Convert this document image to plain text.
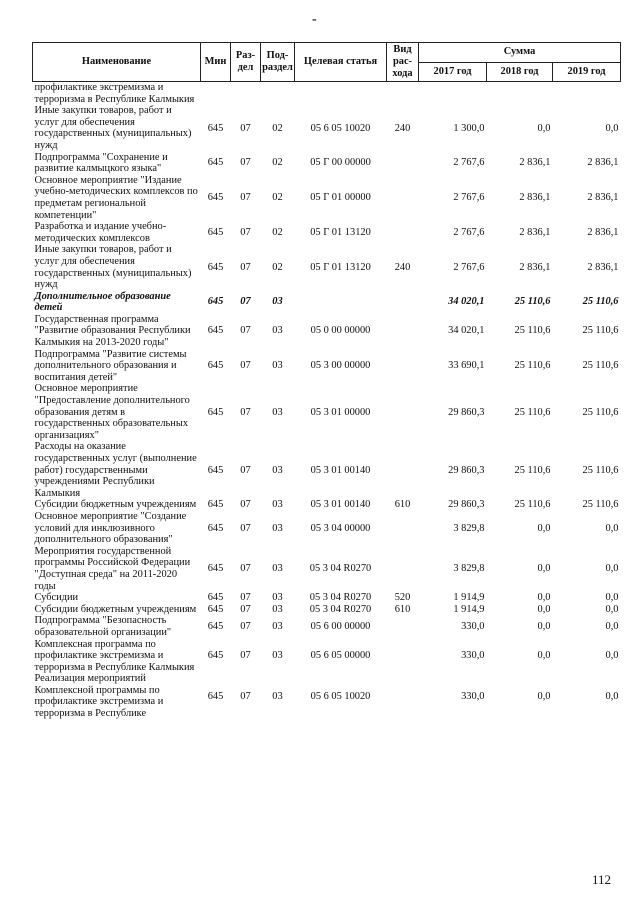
-
Наименование	Мин	Раз-дел	Под-раздел	Целевая статья	Вид рас-хода	Сумма		
						2017 год	2018 год	2019 год
профилактике экстремизма и терроризма в Республике Калмыкия								
Иные закупки товаров, работ и услуг для обеспечения государственных (муниципальных) нужд	645	07	02	05 6 05 10020	240	1 300,0	0,0	0,0
Подпрограмма "Сохранение и развитие калмыцкого языка"	645	07	02	05 Г 00 00000		2 767,6	2 836,1	2 836,1
Основное мероприятие "Издание учебно-методических комплексов по предметам региональной компетенции"	645	07	02	05 Г 01 00000		2 767,6	2 836,1	2 836,1
Разработка и издание учебно-методических комплексов	645	07	02	05 Г 01 13120		2 767,6	2 836,1	2 836,1
Иные закупки товаров, работ и услуг для обеспечения государственных (муниципальных) нужд	645	07	02	05 Г 01 13120	240	2 767,6	2 836,1	2 836,1
Дополнительное образование детей	645	07	03			34 020,1	25 110,6	25 110,6
Государственная программа "Развитие образования Республики Калмыкия на 2013-2020 годы"	645	07	03	05 0 00 00000		34 020,1	25 110,6	25 110,6
Подпрограмма "Развитие системы дополнительного образования и воспитания детей"	645	07	03	05 3 00 00000		33 690,1	25 110,6	25 110,6
Основное мероприятие "Предоставление дополнительного образования детям в государственных образовательных организациях"	645	07	03	05 3 01 00000		29 860,3	25 110,6	25 110,6
Расходы на оказание государственных услуг (выполнение работ) государственными учреждениями Республики Калмыкия	645	07	03	05 3 01 00140		29 860,3	25 110,6	25 110,6
Субсидии бюджетным учреждениям	645	07	03	05 3 01 00140	610	29 860,3	25 110,6	25 110,6
Основное мероприятие "Создание условий для инклюзивного дополнительного образования"	645	07	03	05 3 04 00000		3 829,8	0,0	0,0
Мероприятия государственной программы Российской Федерации "Доступная среда" на 2011-2020 годы	645	07	03	05 3 04 R0270		3 829,8	0,0	0,0
Субсидии	645	07	03	05 3 04 R0270	520	1 914,9	0,0	0,0
Субсидии бюджетным учреждениям	645	07	03	05 3 04 R0270	610	1 914,9	0,0	0,0
Подпрограмма "Безопасность образовательной организации"	645	07	03	05 6 00 00000		330,0	0,0	0,0
Комплексная программа по профилактике экстремизма и терроризма в Республике Калмыкия	645	07	03	05 6 05 00000		330,0	0,0	0,0
Реализация мероприятий Комплексной программы по профилактике экстремизма и терроризма в Республике	645	07	03	05 6 05 10020		330,0	0,0	0,0
112
